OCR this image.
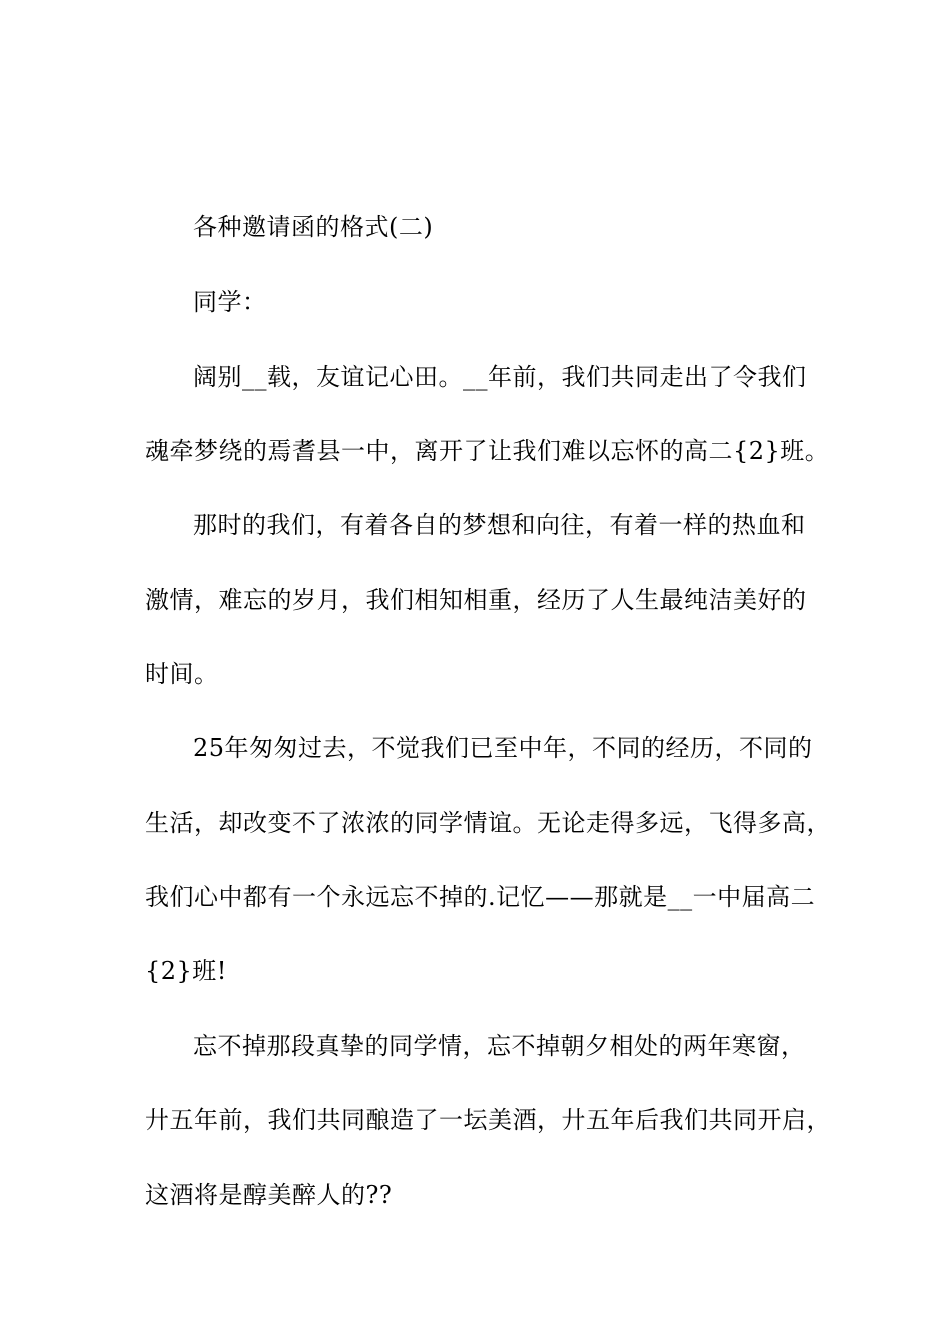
各种邀请函的格式(二)
同学：
阔别__载，友谊记心田。__年前，我们共同走出了令我们
魂牵梦绕的焉耆县一中，离开了让我们难以忘怀的高二{2}班。
那时的我们，有着各自的梦想和向往，有着一样的热血和
激情，难忘的岁月，我们相知相重，经历了人生最纯洁美好的
时间。
25年匆匆过去，不觉我们已至中年，不同的经历，不同的
生活，却改变不了浓浓的同学情谊。无论走得多远，飞得多高，
我们心中都有一个永远忘不掉的.记忆——那就是__一中届高二
{2}班!
忘不掉那段真挚的同学情，忘不掉朝夕相处的两年寒窗，
廾五年前，我们共同酿造了一坛美酒，廾五年后我们共同开启，
这酒将是醇美醉人的??
